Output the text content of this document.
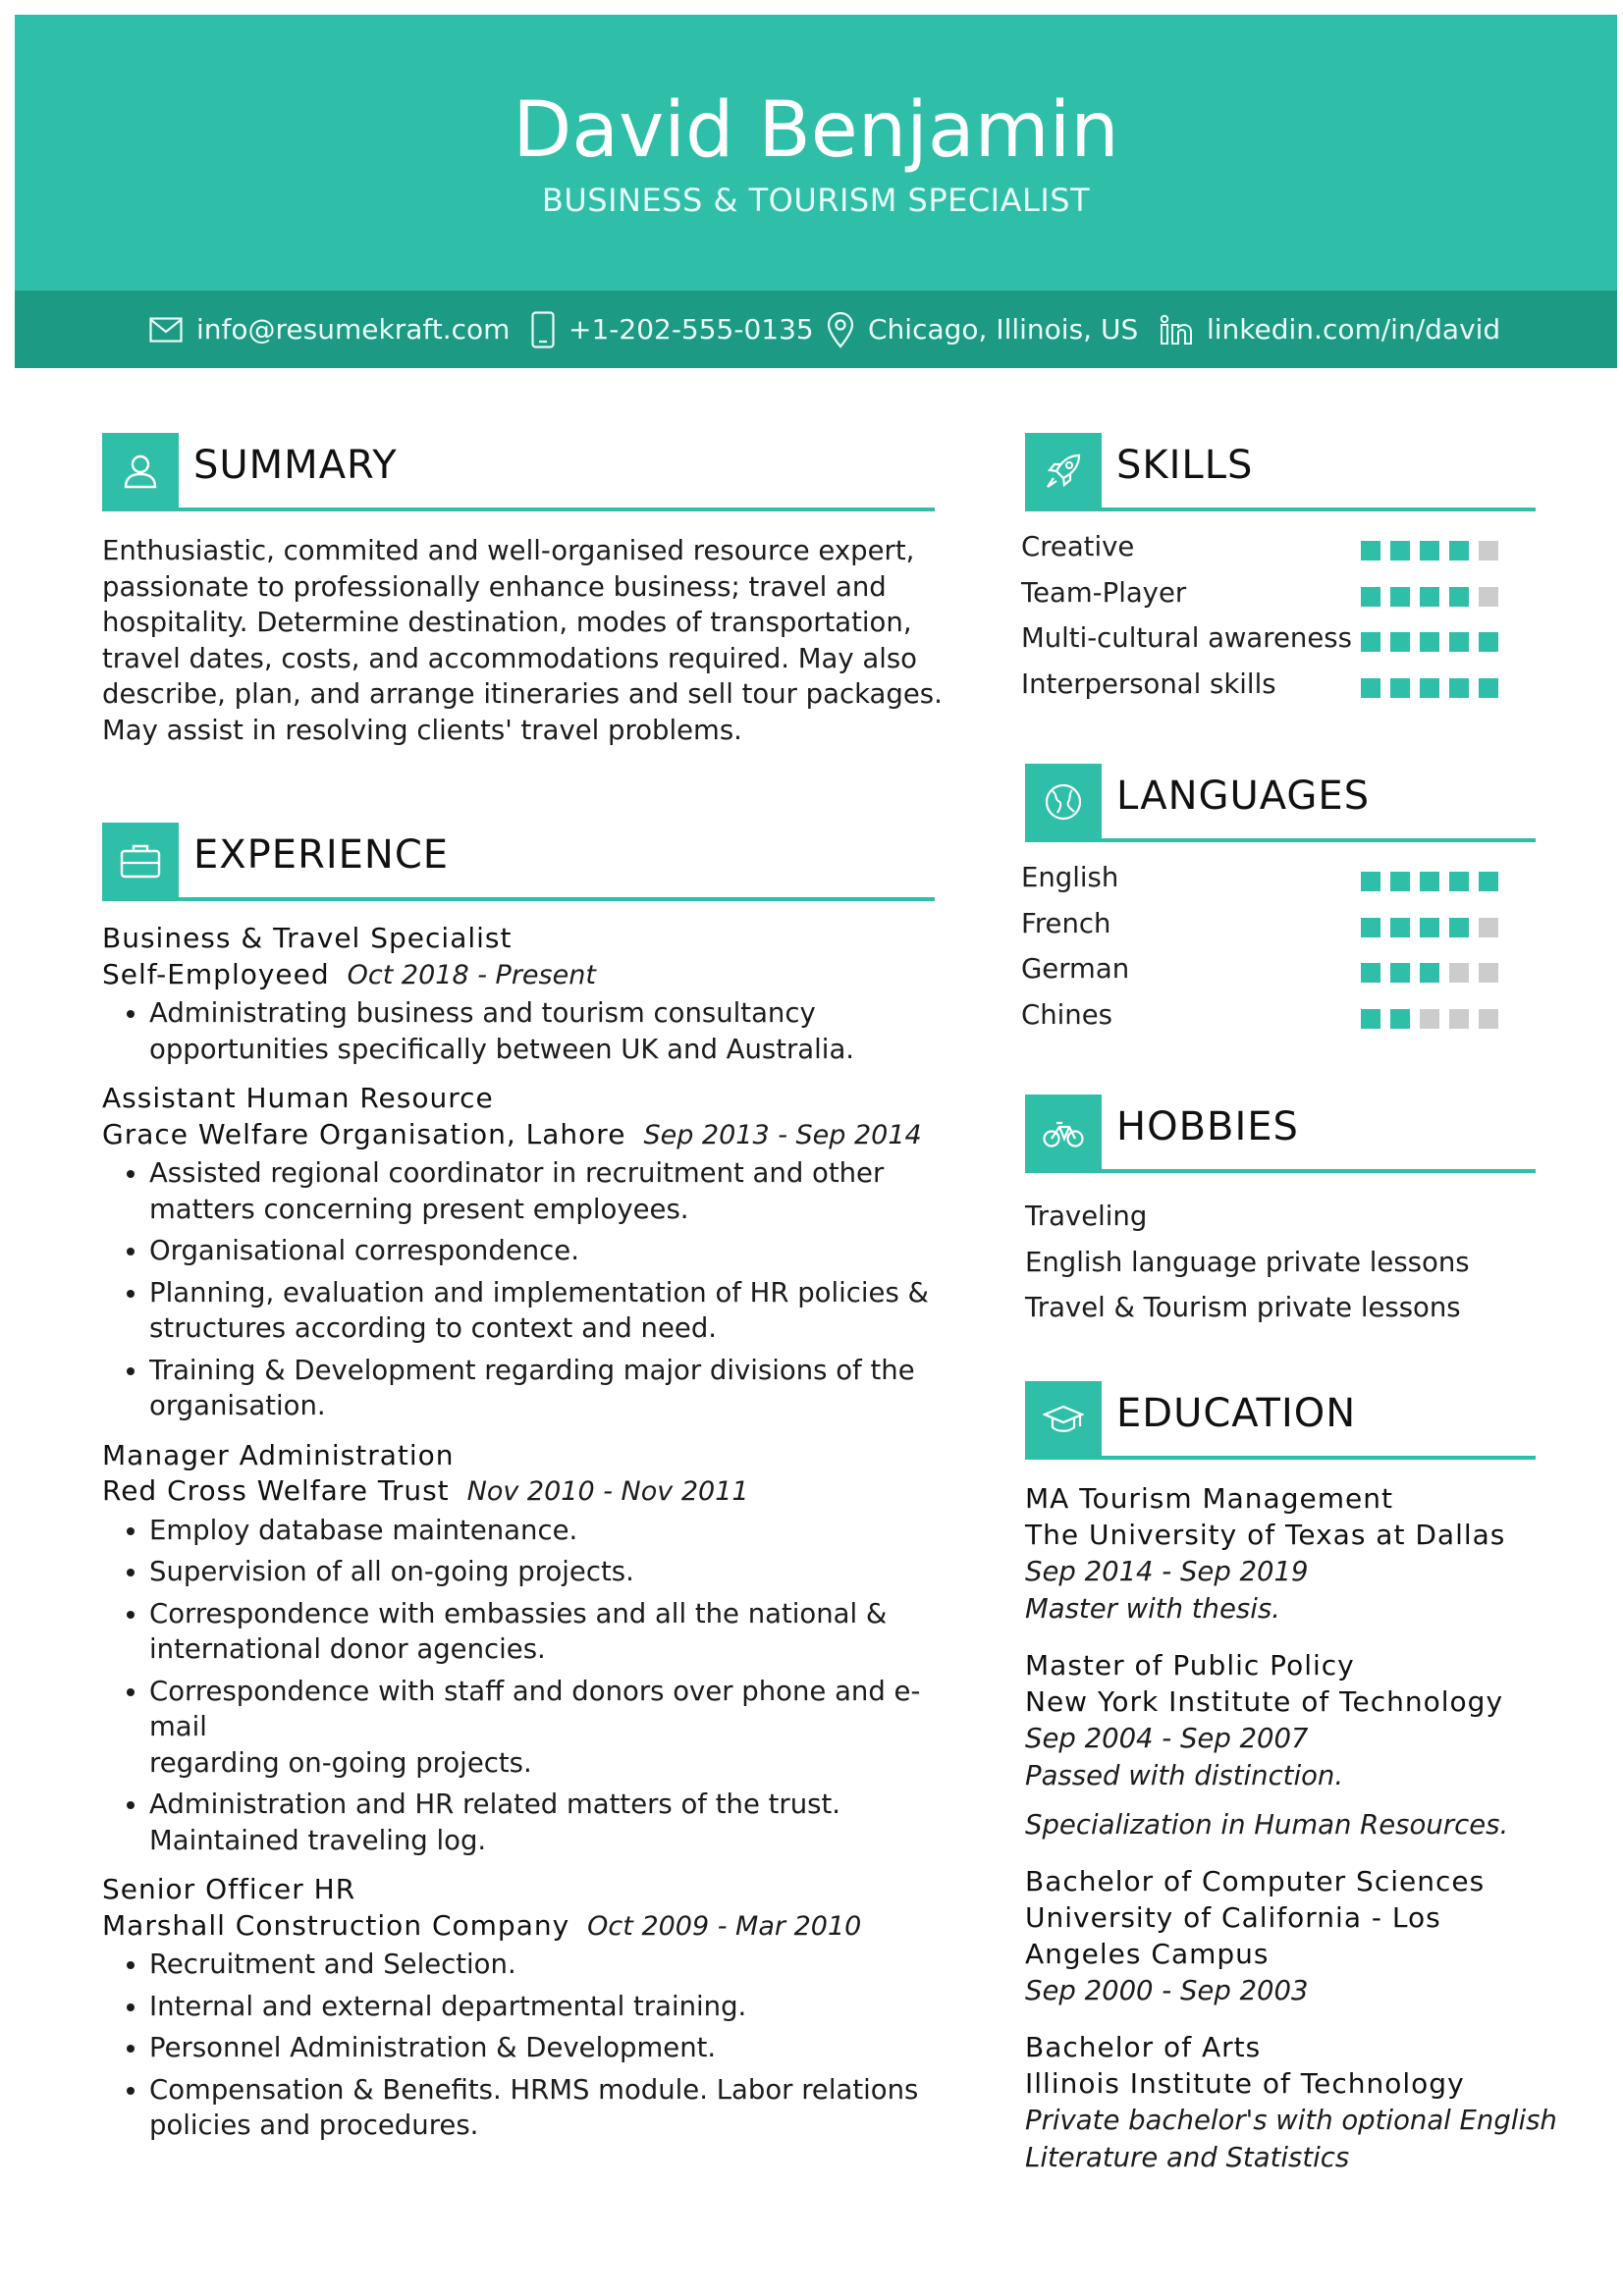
David Benjamin
BUSINESS & TOURISM SPECIALIST
info@resumekraft.com +1-202-555-0135 Chicago, Illinois, US linkedin.com/in/david
SUMMARY
Enthusiastic, commited and well-organised resource expert,
passionate to professionally enhance business; travel and
hospitality. Determine destination, modes of transportation,
travel dates, costs, and accommodations required. May also
describe, plan, and arrange itineraries and sell tour packages.
May assist in resolving clients' travel problems.
EXPERIENCE
Business & Travel Specialist
Self-Employeed Oct 2018 - Present
• Administrating business and tourism consultancy
opportunities specifically between UK and Australia.
Assistant Human Resource
Grace Welfare Organisation, Lahore Sep 2013 - Sep 2014
• Assisted regional coordinator in recruitment and other
matters concerning present employees.
• Organisational correspondence.
• Planning, evaluation and implementation of HR policies &
structures according to context and need.
• Training & Development regarding major divisions of the
organisation.
Manager Administration
Red Cross Welfare Trust Nov 2010 - Nov 2011
• Employ database maintenance.
• Supervision of all on-going projects.
• Correspondence with embassies and all the national &
international donor agencies.
• Correspondence with staff and donors over phone and e-mail
regarding on-going projects.
• Administration and HR related matters of the trust.
Maintained traveling log.
Senior Officer HR
Marshall Construction Company Oct 2009 - Mar 2010
• Recruitment and Selection.
• Internal and external departmental training.
• Personnel Administration & Development.
• Compensation & Benefits. HRMS module. Labor relations
policies and procedures.
SKILLS
Creative
Team-Player
Multi-cultural awareness
Interpersonal skills
LANGUAGES
English
French
German
Chines
HOBBIES
Traveling
English language private lessons
Travel & Tourism private lessons
EDUCATION
MA Tourism Management
The University of Texas at Dallas
Sep 2014 - Sep 2019
Master with thesis.
Master of Public Policy
New York Institute of Technology
Sep 2004 - Sep 2007
Passed with distinction.
Specialization in Human Resources.
Bachelor of Computer Sciences
University of California - Los
Angeles Campus
Sep 2000 - Sep 2003
Bachelor of Arts
Illinois Institute of Technology
Private bachelor's with optional English
Literature and Statistics
